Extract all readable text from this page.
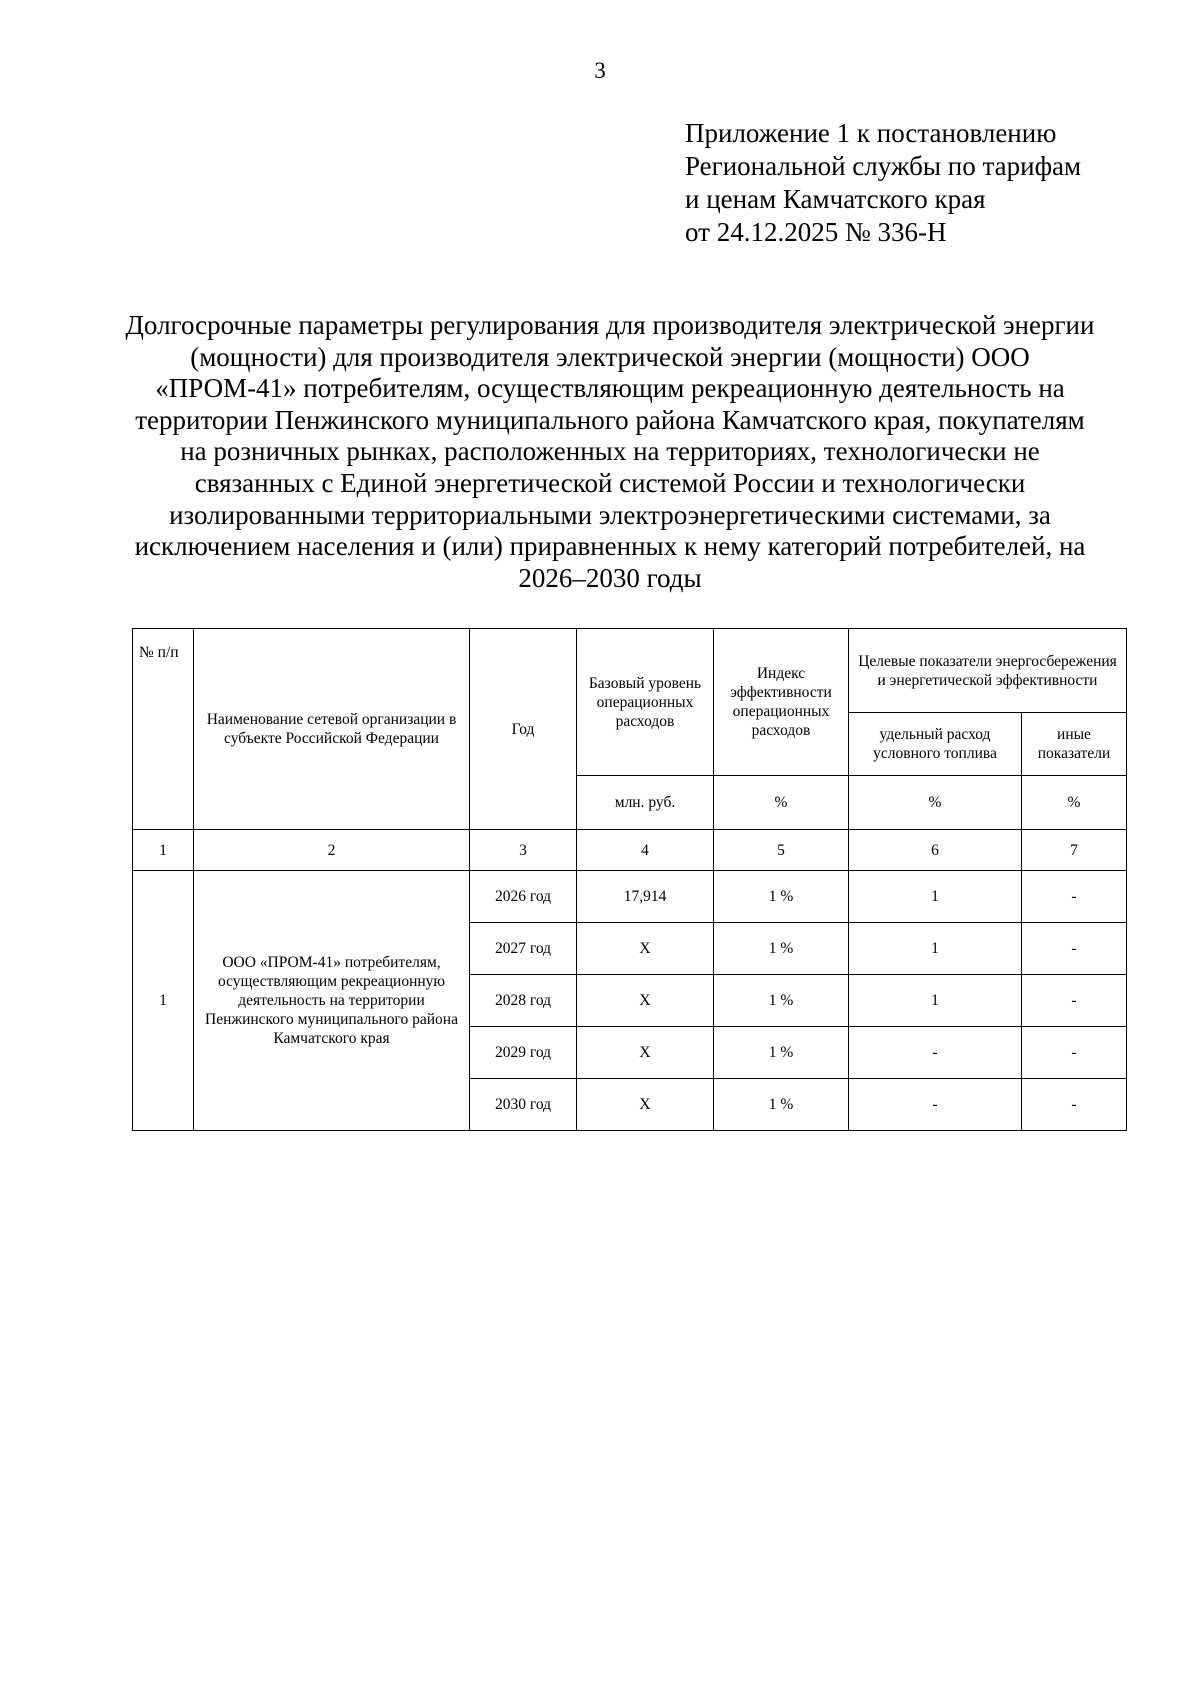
3
Приложение 1 к постановлению
Региональной службы по тарифам
и ценам Камчатского края
от 24.12.2025 № 336-Н
Долгосрочные параметры регулирования для производителя электрической энергии (мощности) для производителя электрической энергии (мощности) ООО «ПРОМ-41» потребителям, осуществляющим рекреационную деятельность на территории Пенжинского муниципального района Камчатского края, покупателям на розничных рынках, расположенных на территориях, технологически не связанных с Единой энергетической системой России и технологически изолированными территориальными электроэнергетическими системами, за исключением населения и (или) приравненных к нему категорий потребителей, на 2026–2030 годы
№ п/п	Наименование сетевой организации в субъекте Российской Федерации	Год	Базовый уровень операционных расходов	Индекс эффективности операционных расходов	Целевые показатели энергосбережения и энергетической эффективности	
					удельный расход условного топлива	иные показатели
			млн. руб.	%	%	%
1	2	3	4	5	6	7
1	ООО «ПРОМ-41» потребителям, осуществляющим рекреационную деятельность на территории Пенжинского муниципального района Камчатского края	2026 год	17,914	1 %	1	-
		2027 год	X	1 %	1	-
		2028 год	X	1 %	1	-
		2029 год	X	1 %	-	-
		2030 год	X	1 %	-	-
